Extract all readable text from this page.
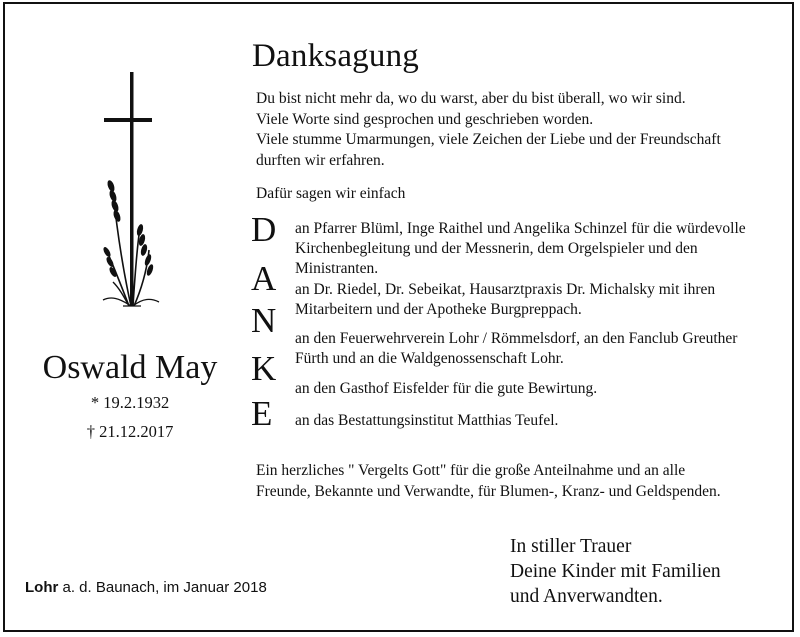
Oswald May
* 19.2.1932
† 21.12.2017
Lohr a. d. Baunach, im Januar 2018
Danksagung
Du bist nicht mehr da, wo du warst, aber du bist überall, wo wir sind.
Viele Worte sind gesprochen und geschrieben worden.
Viele stumme Umarmungen, viele Zeichen der Liebe und der Freundschaft
durften wir erfahren.
Dafür sagen wir einfach
D
A
N
K
E
an Pfarrer Blüml, Inge Raithel und Angelika Schinzel für die würdevolle
Kirchenbegleitung und der Messnerin, dem Orgelspieler und den
Ministranten.
an Dr. Riedel, Dr. Sebeikat, Hausarztpraxis Dr. Michalsky mit ihren
Mitarbeitern und der Apotheke Burgpreppach.
an den Feuerwehrverein Lohr / Römmelsdorf, an den Fanclub Greuther
Fürth und an die Waldgenossenschaft Lohr.
an den Gasthof Eisfelder für die gute Bewirtung.
an das Bestattungsinstitut Matthias Teufel.
Ein herzliches " Vergelts Gott" für die große Anteilnahme und an alle
Freunde, Bekannte und Verwandte, für Blumen-, Kranz- und Geldspenden.
In stiller Trauer
Deine Kinder mit Familien
und Anverwandten.
